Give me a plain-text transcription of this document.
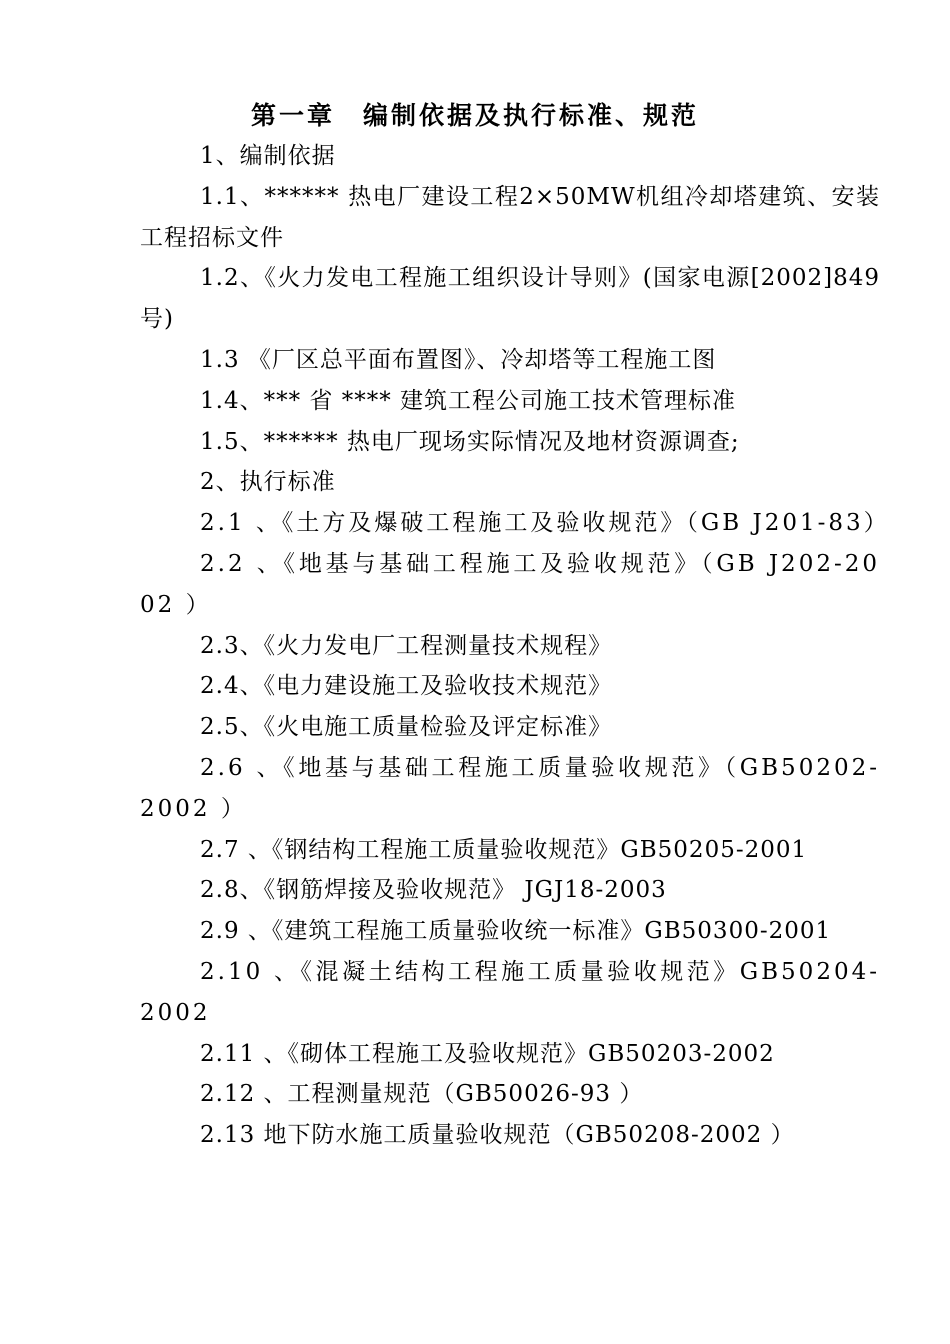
第一章　编制依据及执行标准、规范

1、编制依据

1.1、****** 热电厂建设工程2×50MW机组冷却塔建筑、安装工程招标文件

1.2、《火力发电工程施工组织设计导则》(国家电源[2002]849号)

1.3 《厂区总平面布置图》、冷却塔等工程施工图

1.4、*** 省 **** 建筑工程公司施工技术管理标准

1.5、****** 热电厂现场实际情况及地材资源调查;

2、执行标准

2.1 、《土方及爆破工程施工及验收规范》（GB J201-83）

2.2 、《地基与基础工程施工及验收规范》（GB J202-2002 ）

2.3、《火力发电厂工程测量技术规程》

2.4、《电力建设施工及验收技术规范》

2.5、《火电施工质量检验及评定标准》

2.6 、《地基与基础工程施工质量验收规范》（GB50202-2002 ）

2.7 、《钢结构工程施工质量验收规范》GB50205-2001

2.8、《钢筋焊接及验收规范》 JGJ18-2003

2.9 、《建筑工程施工质量验收统一标准》GB50300-2001

2.10 、《混凝土结构工程施工质量验收规范》GB50204-2002

2.11 、《砌体工程施工及验收规范》GB50203-2002

2.12 、工程测量规范（GB50026-93 ）

2.13 地下防水施工质量验收规范（GB50208-2002 ）
